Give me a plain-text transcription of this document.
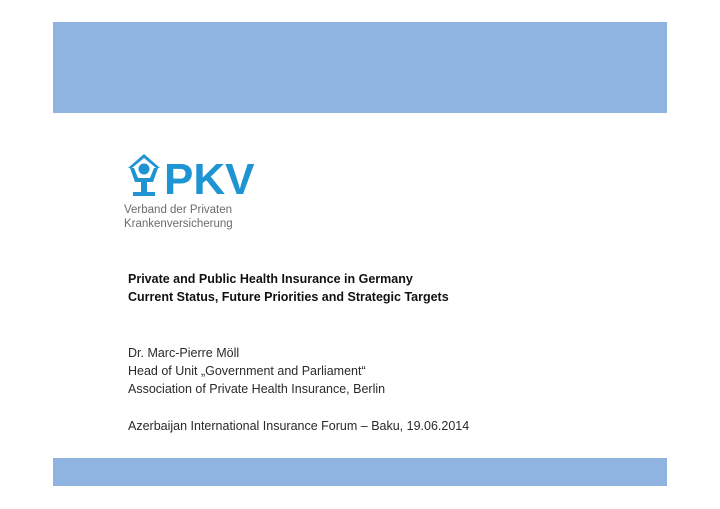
PKV
Verband der Privaten
Krankenversicherung
Private and Public Health Insurance in Germany
Current Status, Future Priorities and Strategic Targets
Dr. Marc-Pierre Möll
Head of Unit „Government and Parliament“
Association of Private Health Insurance, Berlin
Azerbaijan International Insurance Forum – Baku, 19.06.2014
